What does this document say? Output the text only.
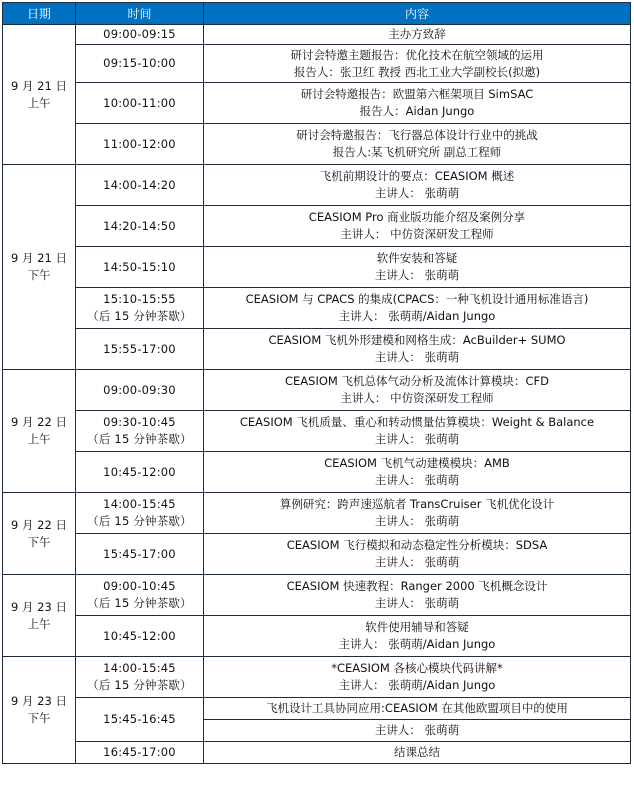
日期	时间	内容
9 月 21 日
上午	09:00-09:15	主办方致辞

	09:15-10:00	研讨会特邀主题报告：优化技术在航空领域的运用
报告人：张卫红 教授 西北工业大学副校长(拟邀)

	10:00-11:00	研讨会特邀报告：欧盟第六框架项目 SimSAC
报告人：Aidan Jungo

	11:00-12:00	研讨会特邀报告：飞行器总体设计行业中的挑战
报告人:某飞机研究所 副总工程师

9 月 21 日
下午	14:00-14:20	飞机前期设计的要点：CEASIOM 概述
主讲人： 张萌萌

	14:20-14:50	CEASIOM Pro 商业版功能介绍及案例分享
主讲人： 中仿资深研发工程师

	14:50-15:10	软件安装和答疑
主讲人： 张萌萌

	15:10-15:55
（后 15 分钟茶歇）	CEASIOM 与 CPACS 的集成(CPACS：一种飞机设计通用标准语言)
主讲人： 张萌萌/Aidan Jungo

	15:55-17:00	CEASIOM 飞机外形建模和网格生成：AcBuilder+ SUMO
主讲人： 张萌萌

9 月 22 日
上午	09:00-09:30	CEASIOM 飞机总体气动分析及流体计算模块：CFD
主讲人： 中仿资深研发工程师

	09:30-10:45
（后 15 分钟茶歇）	CEASIOM 飞机质量、重心和转动惯量估算模块：Weight & Balance
主讲人： 张萌萌

	10:45-12:00	CEASIOM 飞机气动建模模块：AMB
主讲人： 张萌萌

9 月 22 日
下午	14:00-15:45
（后 15 分钟茶歇）	算例研究：跨声速巡航者 TransCruiser 飞机优化设计
主讲人： 张萌萌

	15:45-17:00	CEASIOM 飞行模拟和动态稳定性分析模块：SDSA
主讲人： 张萌萌

9 月 23 日
上午	09:00-10:45
（后 15 分钟茶歇）	CEASIOM 快速教程：Ranger 2000 飞机概念设计
主讲人： 张萌萌

	10:45-12:00	软件使用辅导和答疑
主讲人： 张萌萌/Aidan Jungo

9 月 23 日
下午	14:00-15:45
（后 15 分钟茶歇）	*CEASIOM 各核心模块代码讲解*
主讲人： 张萌萌/Aidan Jungo

	15:45-16:45	飞机设计工具协同应用:CEASIOM 在其他欧盟项目中的使用

		主讲人： 张萌萌

	16:45-17:00	结课总结
